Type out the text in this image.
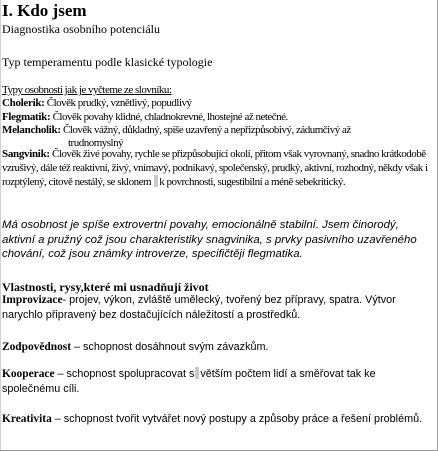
I. Kdo jsem
Diagnostika osobního potenciálu
Typ temperamentu podle klasické typologie
Typy osobností jak je vyčteme ze slovníku:
Cholerik: Člověk prudký, vznětlivý, popudlivý
Flegmatik: Člověk povahy klidné, chladnokrevné, lhostejné až netečné.
Melancholik: Člověk vážný, důkladný, spíše uzavřený a nepřizpůsobivý, zádumčivý až
trudnomyslný
Sangvinik: Člověk živé povahy, rychle se přizpůsobující okolí, přitom však vyrovnaný, snadno krátkodobě vzrušivý, dále též reaktivní, živý, vnímavý, podnikavý, společenský, prudký, aktivní, rozhodný, někdy však i rozptýlený, citově nestálý, se sklonem k povrchnosti, sugestibilní a méně sebekritický.
Má osobnost je spíše extrovertní povahy, emocionálně stabilní. Jsem činorodý, aktivní a pružný což jsou charakteristiky snagvinika, s prvky pasivního uzavřeného chování, což jsou známky introverze, specifičtěji flegmatika.
Vlastnosti, rysy,které mi usnadňují život
Improvizace- projev, výkon, zvláště umělecký, tvořený bez přípravy, spatra. Výtvor narychlo připravený bez dostačujících náležitostí a prostředků.
Zodpovědnost – schopnost dosáhnout svým závazkům.
Kooperace – schopnost spolupracovat s větším počtem lidí a směřovat tak ke společnému cíli.
Kreativita – schopnost tvořit vytvářet nový postupy a způsoby práce a řešení problémů.
